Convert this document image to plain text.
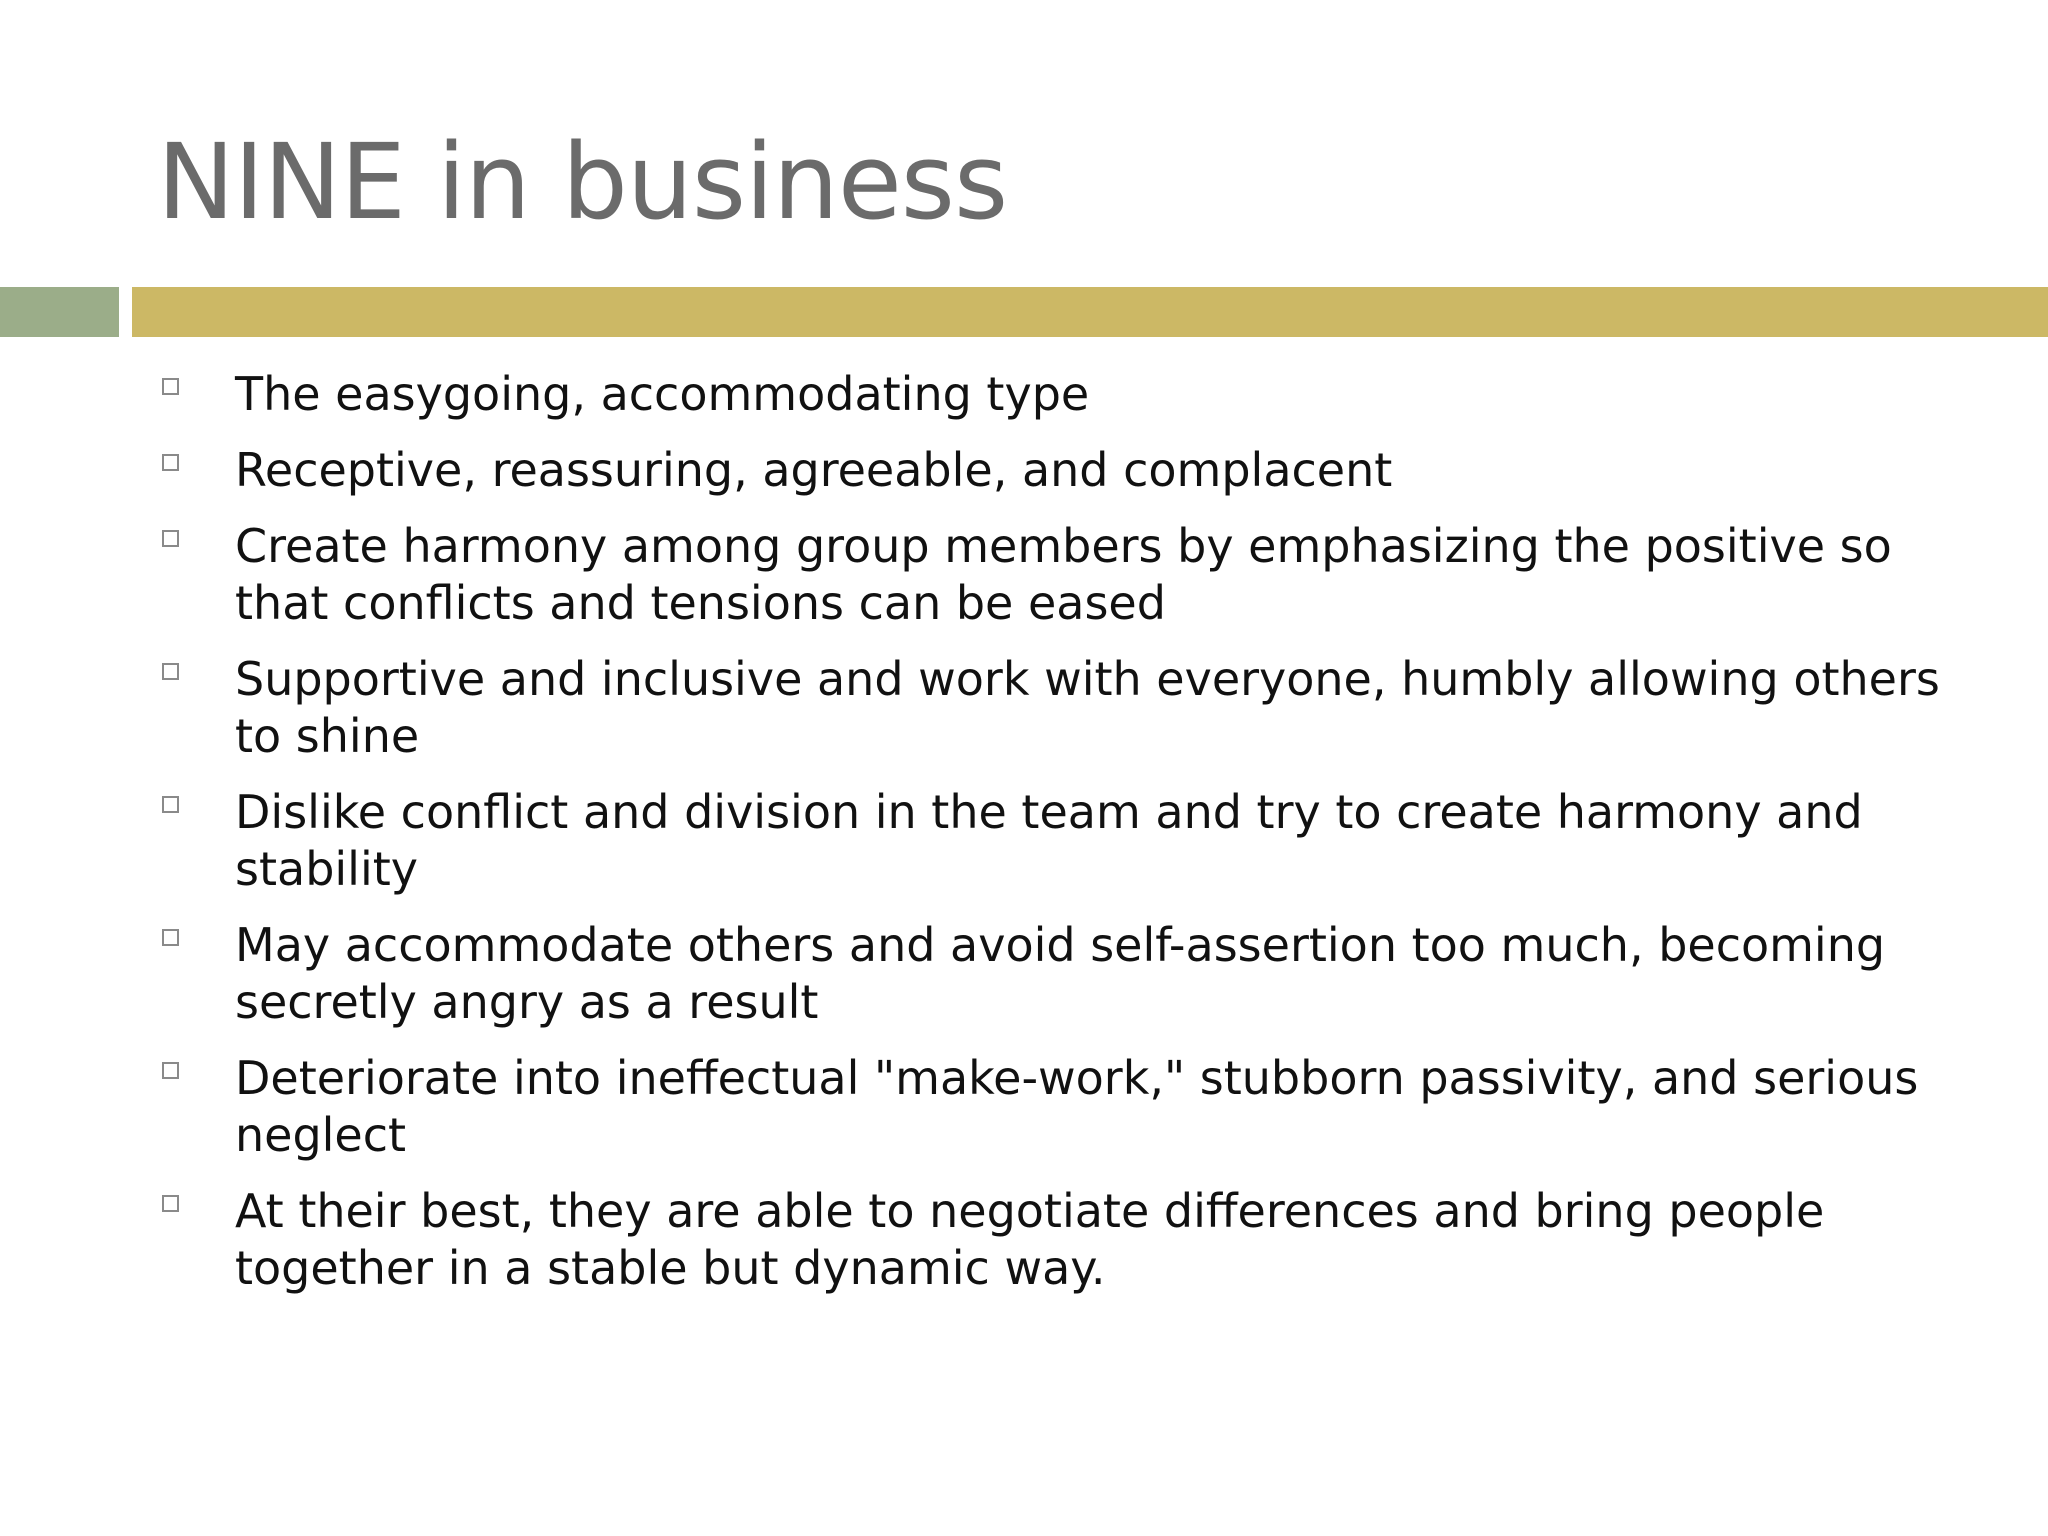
NINE in business
The easygoing, accommodating type
Receptive, reassuring, agreeable, and complacent
Create harmony among group members by emphasizing the positive so that conflicts and tensions can be eased
Supportive and inclusive and work with everyone, humbly allowing others to shine
Dislike conflict and division in the team and try to create harmony and stability
May accommodate others and avoid self-assertion too much, becoming secretly angry as a result
Deteriorate into ineffectual "make-work," stubborn passivity, and serious neglect
At their best, they are able to negotiate differences and bring people together in a stable but dynamic way.
